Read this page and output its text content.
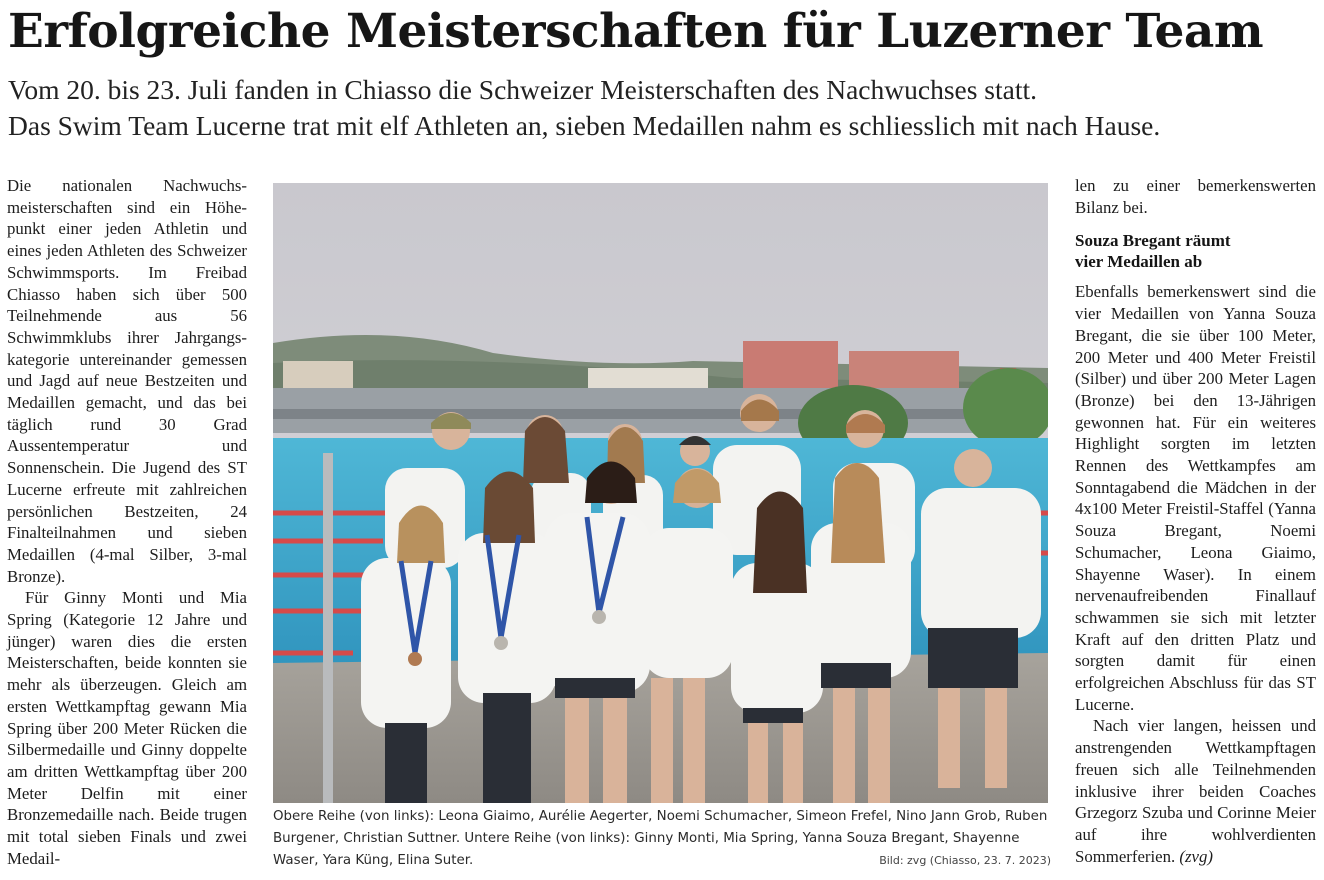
Erfolgreiche Meisterschaften für Luzerner Team
Vom 20. bis 23. Juli fanden in Chiasso die Schweizer Meisterschaften des Nachwuchses statt.
Das Swim Team Lucerne trat mit elf Athleten an, sieben Medaillen nahm es schliesslich mit nach Hause.

Die nationalen Nachwuchsmeisterschaften sind ein Höhepunkt einer jeden Athletin und eines jeden Athleten des Schweizer Schwimmsports. Im Freibad Chiasso haben sich über 500 Teilnehmende aus 56 Schwimmklubs ihrer Jahrgangskategorie untereinander gemessen und Jagd auf neue Bestzeiten und Medaillen gemacht, und das bei täglich rund 30 Grad Aussentemperatur und Sonnenschein. Die Jugend des ST Lucerne erfreute mit zahlreichen persönlichen Bestzeiten, 24 Finalteilnahmen und sieben Medaillen (4-mal Silber, 3-mal Bronze).

Für Ginny Monti und Mia Spring (Kategorie 12 Jahre und jünger) waren dies die ersten Meisterschaften, beide konnten sie mehr als überzeugen. Gleich am ersten Wettkampftag gewann Mia Spring über 200 Meter Rücken die Silbermedaille und Ginny doppelte am dritten Wettkampftag über 200 Meter Delfin mit einer Bronzemedaille nach. Beide trugen mit total sieben Finals und zwei Medail-

Obere Reihe (von links): Leona Giaimo, Aurélie Aegerter, Noemi Schumacher, Simeon Frefel, Nino Jann Grob, Ruben Burgener, Christian Suttner. Untere Reihe (von links): Ginny Monti, Mia Spring, Yanna Souza Bregant, Shayenne Waser, Yara Küng, Elina Suter.	Bild: zvg (Chiasso, 23. 7. 2023)

len zu einer bemerkenswerten Bilanz bei.

Souza Bregant räumt
vier Medaillen ab

Ebenfalls bemerkenswert sind die vier Medaillen von Yanna Souza Bregant, die sie über 100 Meter, 200 Meter und 400 Meter Freistil (Silber) und über 200 Meter Lagen (Bronze) bei den 13-Jährigen gewonnen hat. Für ein weiteres Highlight sorgten im letzten Rennen des Wettkampfes am Sonntagabend die Mädchen in der 4x100 Meter Freistil-Staffel (Yanna Souza Bregant, Noemi Schumacher, Leona Giaimo, Shayenne Waser). In einem nervenaufreibenden Finallauf schwammen sie sich mit letzter Kraft auf den dritten Platz und sorgten damit für einen erfolgreichen Abschluss für das ST Lucerne.

Nach vier langen, heissen und anstrengenden Wettkampftagen freuen sich alle Teilnehmenden inklusive ihrer beiden Coaches Grzegorz Szuba und Corinne Meier auf ihre wohlverdienten Sommerferien. (zvg)
